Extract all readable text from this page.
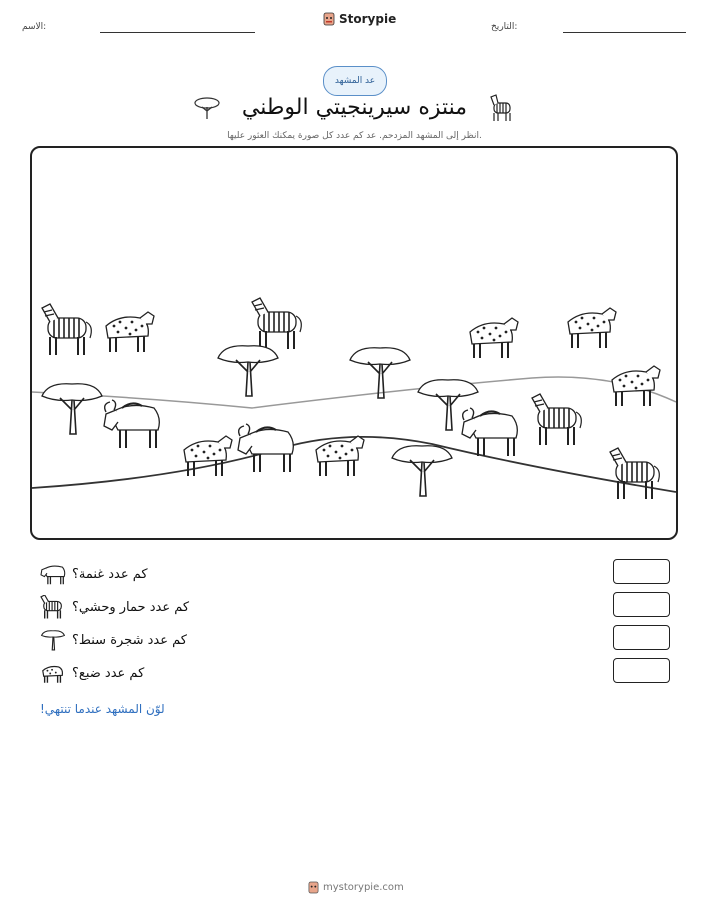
الاسم:
Storypie
التاريخ:
عد المشهد
منتزه سيرينجيتي الوطني
انظر إلى المشهد المزدحم. عد كم عدد كل صورة يمكنك العثور عليها.
كم عدد غنمة؟
كم عدد حمار وحشي؟
كم عدد شجرة سنط؟
كم عدد ضبع؟
لوّن المشهد عندما تنتهي!
mystorypie.com
